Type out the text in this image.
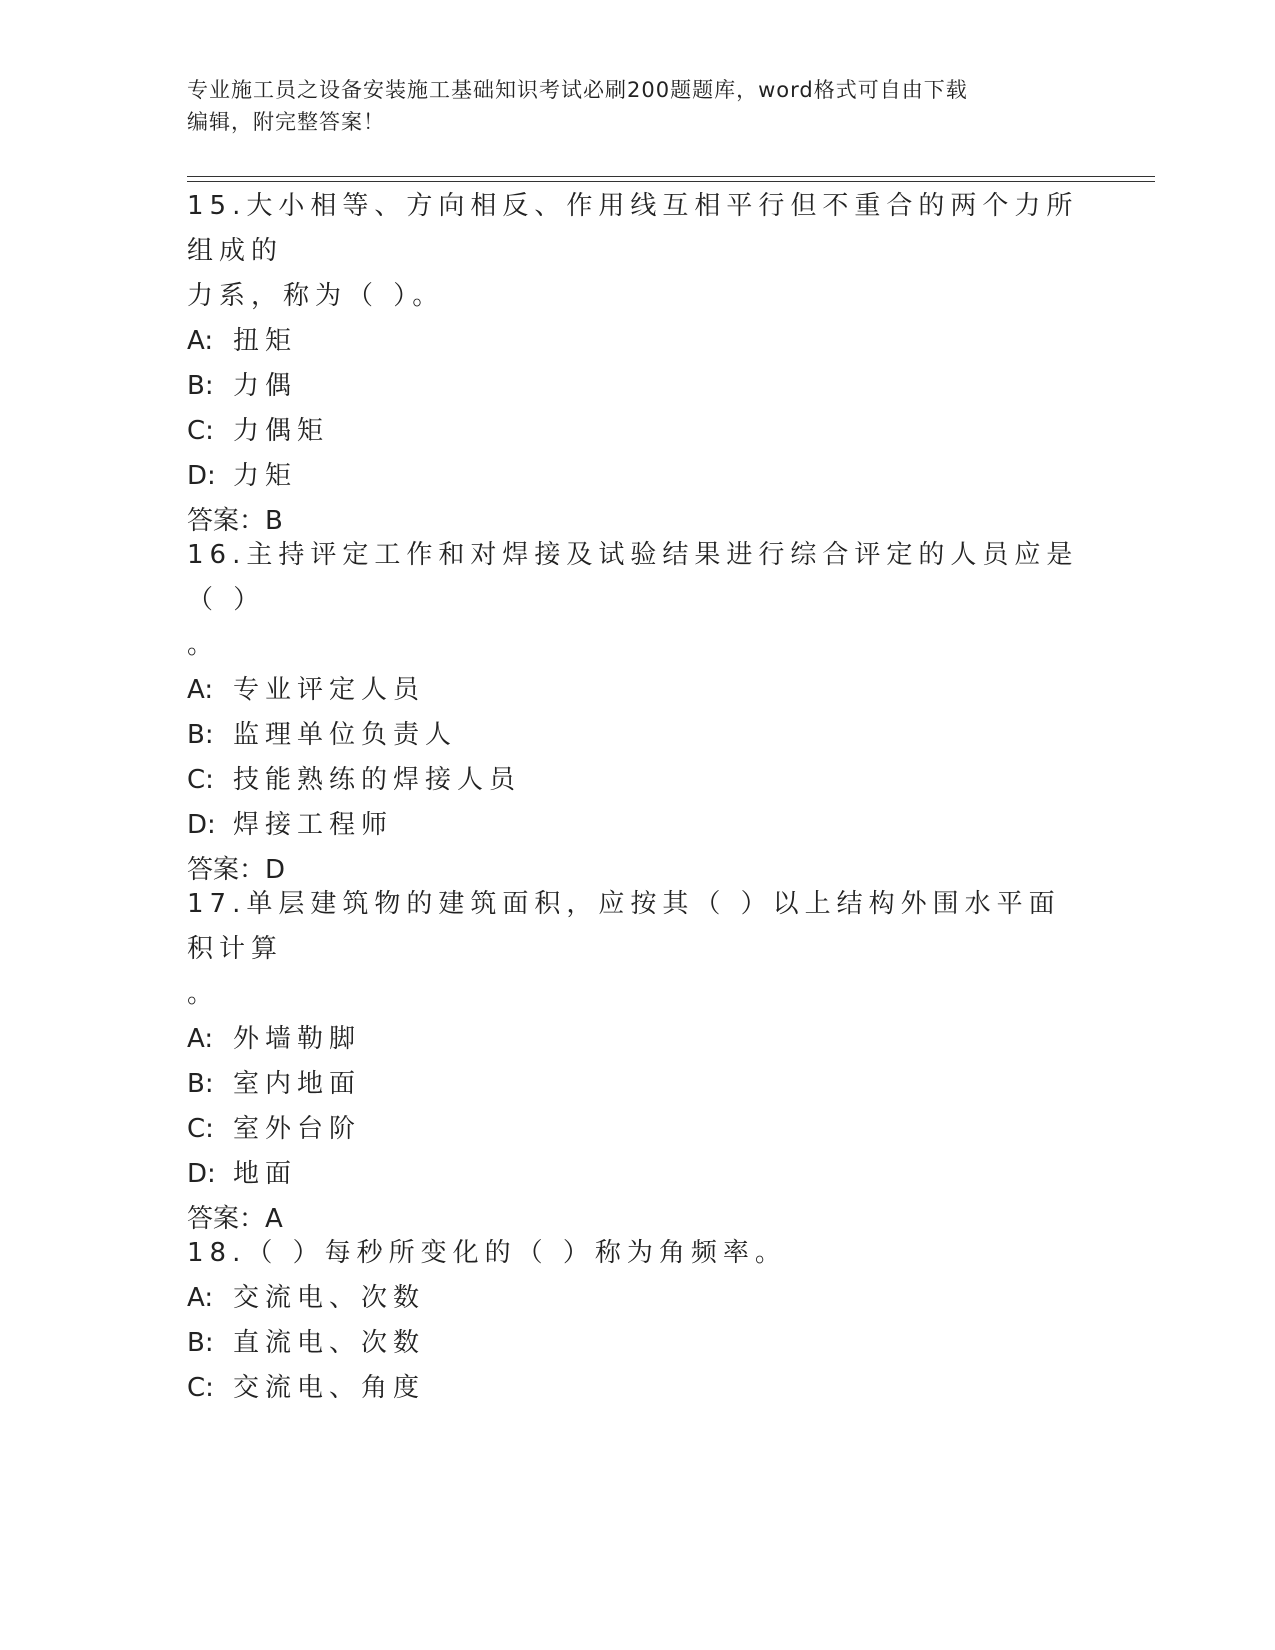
专业施工员之设备安装施工基础知识考试必刷200题题库，word格式可自由下载
编辑，附完整答案！
15.大小相等、方向相反、作用线互相平行但不重合的两个力所组成的
力系，称为（ ）。
A: 扭矩
B: 力偶
C: 力偶矩
D: 力矩
答案：B
16.主持评定工作和对焊接及试验结果进行综合评定的人员应是（ ）
。
A: 专业评定人员
B: 监理单位负责人
C: 技能熟练的焊接人员
D: 焊接工程师
答案：D
17.单层建筑物的建筑面积，应按其（ ）以上结构外围水平面积计算
。
A: 外墙勒脚
B: 室内地面
C: 室外台阶
D: 地面
答案：A
18.（ ）每秒所变化的（ ）称为角频率。
A: 交流电、次数
B: 直流电、次数
C: 交流电、角度
